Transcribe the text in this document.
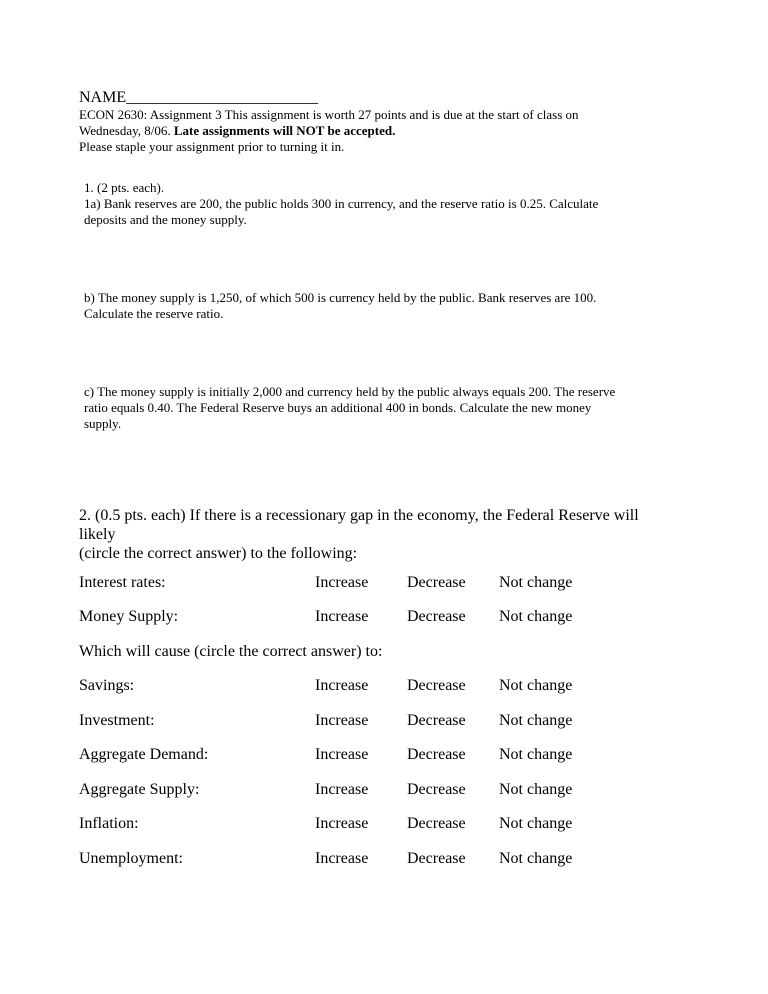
NAME________________________
ECON 2630: Assignment 3 This assignment is worth 27 points and is due at the start of class on
Wednesday, 8/06. Late assignments will NOT be accepted.
Please staple your assignment prior to turning it in.
1. (2 pts. each).
1a) Bank reserves are 200, the public holds 300 in currency, and the reserve ratio is 0.25. Calculate
deposits and the money supply.
b) The money supply is 1,250, of which 500 is currency held by the public. Bank reserves are 100.
Calculate the reserve ratio.
c) The money supply is initially 2,000 and currency held by the public always equals 200. The reserve
ratio equals 0.40. The Federal Reserve buys an additional 400 in bonds. Calculate the new money
supply.
2. (0.5 pts. each) If there is a recessionary gap in the economy, the Federal Reserve will likely
(circle the correct answer) to the following:
Interest rates:	Increase Decrease Not change
Money Supply:	Increase Decrease Not change
Which will cause (circle the correct answer) to:
Savings:	Increase Decrease Not change
Investment:	Increase Decrease Not change
Aggregate Demand:	Increase Decrease Not change
Aggregate Supply:	Increase Decrease Not change
Inflation:	Increase Decrease Not change
Unemployment:	Increase Decrease Not change
